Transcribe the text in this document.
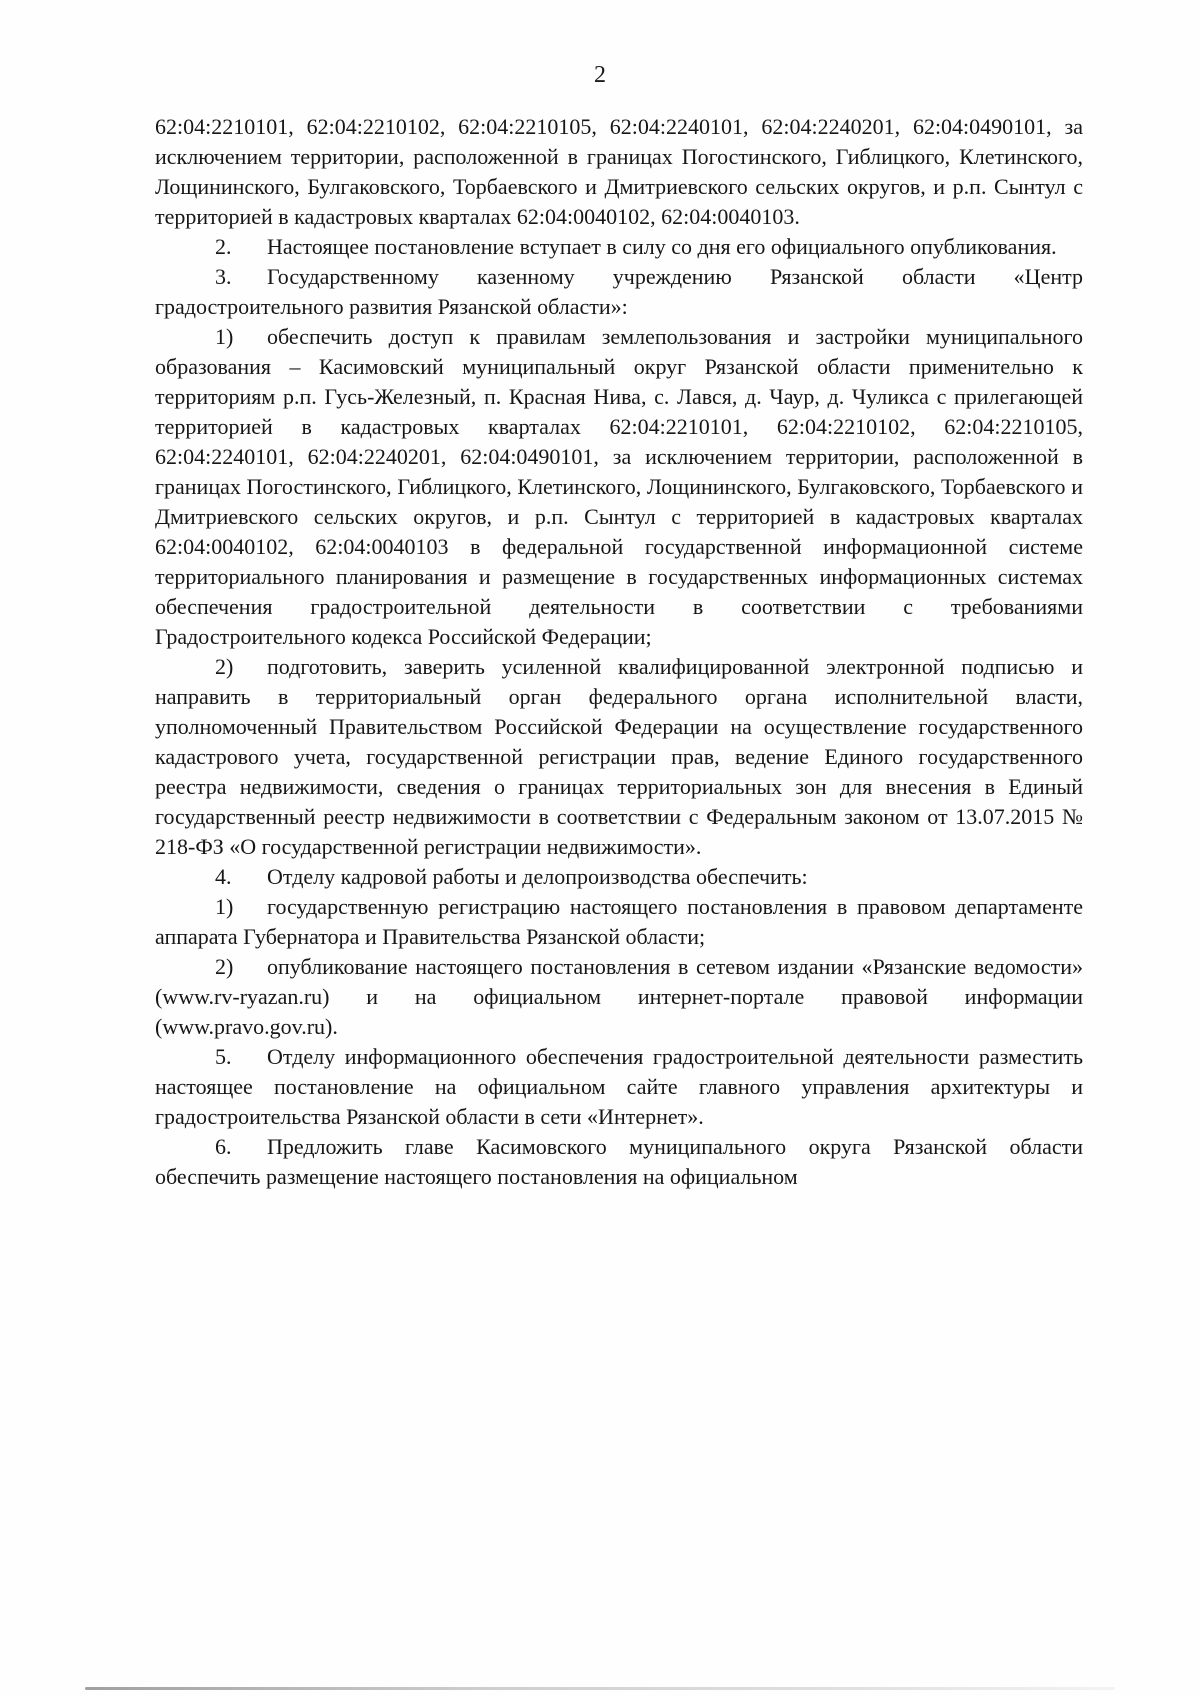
2

62:04:2210101, 62:04:2210102, 62:04:2210105, 62:04:2240101, 62:04:2240201, 62:04:0490101, за исключением территории, расположенной в границах Погостинского, Гиблицкого, Клетинского, Лощининского, Булгаковского, Торбаевского и Дмитриевского сельских округов, и р.п. Сынтул с территорией в кадастровых кварталах 62:04:0040102, 62:04:0040103.

2. Настоящее постановление вступает в силу со дня его официального опубликования.

3. Государственному казенному учреждению Рязанской области «Центр градостроительного развития Рязанской области»:

1) обеспечить доступ к правилам землепользования и застройки муниципального образования – Касимовский муниципальный округ Рязанской области применительно к территориям р.п. Гусь-Железный, п. Красная Нива, с. Лався, д. Чаур, д. Чуликса с прилегающей территорией в кадастровых кварталах 62:04:2210101, 62:04:2210102, 62:04:2210105, 62:04:2240101, 62:04:2240201, 62:04:0490101, за исключением территории, расположенной в границах Погостинского, Гиблицкого, Клетинского, Лощининского, Булгаковского, Торбаевского и Дмитриевского сельских округов, и р.п. Сынтул с территорией в кадастровых кварталах 62:04:0040102, 62:04:0040103 в федеральной государственной информационной системе территориального планирования и размещение в государственных информационных системах обеспечения градостроительной деятельности в соответствии с требованиями Градостроительного кодекса Российской Федерации;

2) подготовить, заверить усиленной квалифицированной электронной подписью и направить в территориальный орган федерального органа исполнительной власти, уполномоченный Правительством Российской Федерации на осуществление государственного кадастрового учета, государственной регистрации прав, ведение Единого государственного реестра недвижимости, сведения о границах территориальных зон для внесения в Единый государственный реестр недвижимости в соответствии с Федеральным законом от 13.07.2015 № 218-ФЗ «О государственной регистрации недвижимости».

4. Отделу кадровой работы и делопроизводства обеспечить:

1) государственную регистрацию настоящего постановления в правовом департаменте аппарата Губернатора и Правительства Рязанской области;

2) опубликование настоящего постановления в сетевом издании «Рязанские ведомости» (www.rv-ryazan.ru) и на официальном интернет-портале правовой информации (www.pravo.gov.ru).

5. Отделу информационного обеспечения градостроительной деятельности разместить настоящее постановление на официальном сайте главного управления архитектуры и градостроительства Рязанской области в сети «Интернет».

6. Предложить главе Касимовского муниципального округа Рязанской области обеспечить размещение настоящего постановления на официальном
